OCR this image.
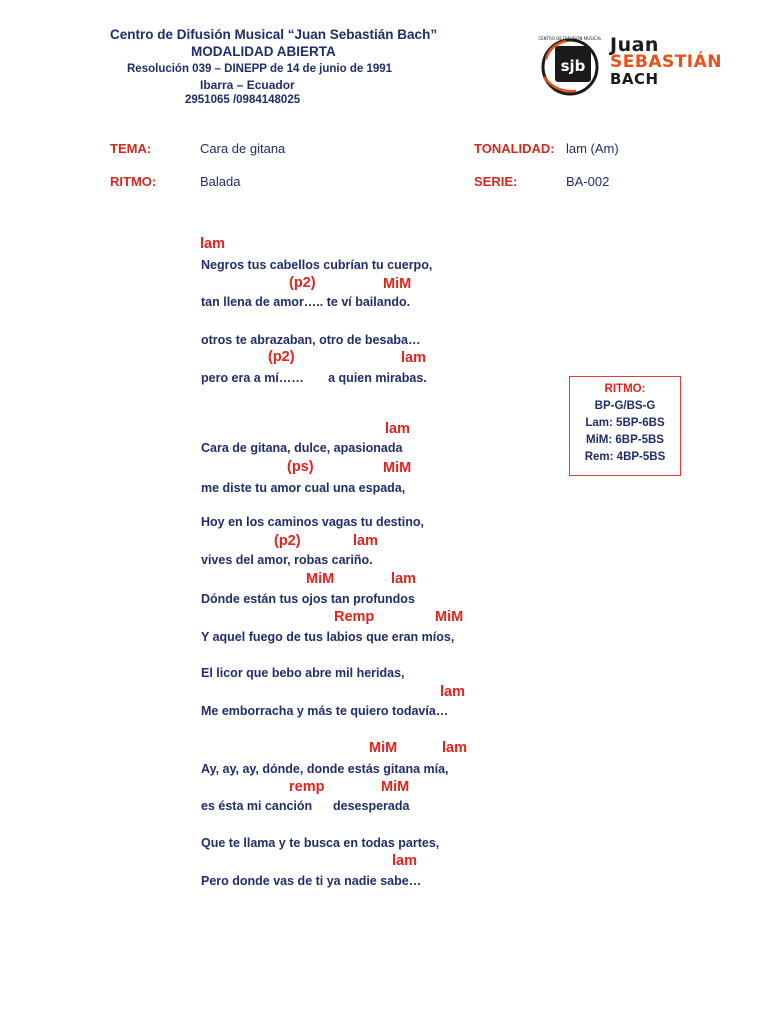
Centro de Difusión Musical “Juan Sebastián Bach”
MODALIDAD ABIERTA
Resolución 039 – DINEPP de 14 de junio de 1991
Ibarra – Ecuador
2951065 /0984148025
sjb
CENTRO DE DIFUSIÓN MUSICAL Juan
SEBASTIÁN
BACH
TEMA:	Cara de gitana	TONALIDAD: lam (Am)
RITMO:	Balada	SERIE:	BA-002
RITMO:
BP-G/BS-G
Lam: 5BP-6BS
MiM: 6BP-5BS
Rem: 4BP-5BS
lam
(p2)	MiM
(p2)	lam
lam
(ps)	MiM
(p2)	lam
MiM	lam
Remp	MiM
lam
MiM	lam
remp	MiM
lam
Negros tus cabellos cubrían tu cuerpo,
tan llena de amor….. te ví bailando.
otros te abrazaban, otro de besaba…
pero era a mí……       a quien mirabas.
Cara de gitana, dulce, apasionada
me diste tu amor cual una espada,
Hoy en los caminos vagas tu destino,
vives del amor, robas cariño.
Dónde están tus ojos tan profundos
Y aquel fuego de tus labios que eran míos,
El licor que bebo abre mil heridas,
Me emborracha y más te quiero todavía…
Ay, ay, ay, dónde, donde estás gitana mía,
es ésta mi canción      desesperada
Que te llama y te busca en todas partes,
Pero donde vas de ti ya nadie sabe…
